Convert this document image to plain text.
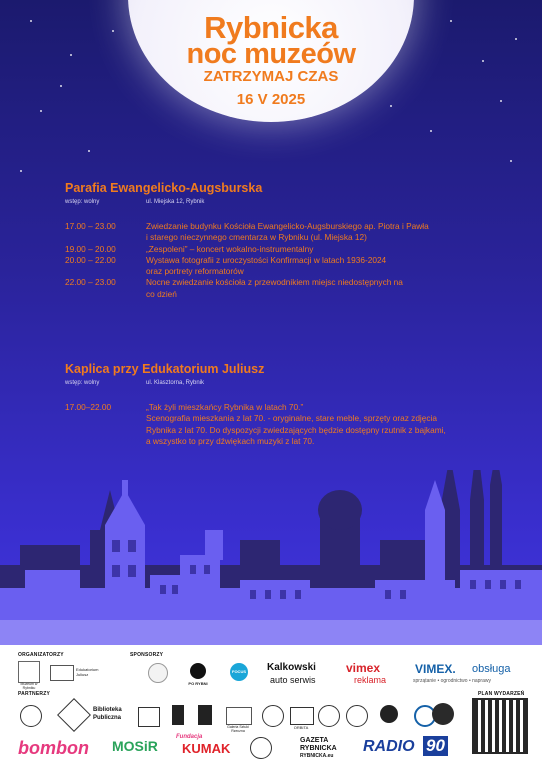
Rybnicka
noc muzeów
ZATRZYMAJ CZAS
16 V 2025
Parafia Ewangelicko-Augsburska
wstęp: wolny	ul. Miejska 12, Rybnik
17.00 – 23.00	Zwiedzanie budynku Kościoła Ewangelicko-Augsburskiego ap. Piotra i Pawła
i starego nieczynnego cmentarza w Rybniku (ul. Miejska 12)
19.00 – 20.00	„Zespoleni” – koncert wokalno-instrumentalny
20.00 – 22.00	Wystawa fotografii z uroczystości Konfirmacji w latach 1936-2024
oraz portrety reformatorów
22.00 – 23.00	Nocne zwiedzanie kościoła z przewodnikiem miejsc niedostępnych na
co dzień
Kaplica przy Edukatorium Juliusz
wstęp: wolny	ul. Klasztorna, Rybnik
17.00–22.00	„Tak żyli mieszkańcy Rybnika w latach 70.”
Scenografia mieszkania z lat 70. - oryginalne, stare meble, sprzęty oraz zdjęcia
Rybnika z lat 70. Do dyspozycji zwiedzających będzie dostępny rzutnik z bajkami,
a wszystko to przy dźwiękach muzyki z lat 70.
ORGANIZATORZY	SPONSORZY
PARTNERZY	PLAN WYDARZEŃ
Muzeum w Rybniku
Edukatorium Juliusz
PO RYBNI
FOCUS	Kalkowski
auto serwis
vimex
reklama
VIMEX. obsługa
sprzątanie • ogrodnictwo • naprawy
Biblioteka
Publiczna
Galeria Sztuki Rzeczna
ORBITA
bombon MOSiR
Fundacja
KUMAK
GAZETA
RYBNICKA
RYBNICKA.eu
RADIO 90
